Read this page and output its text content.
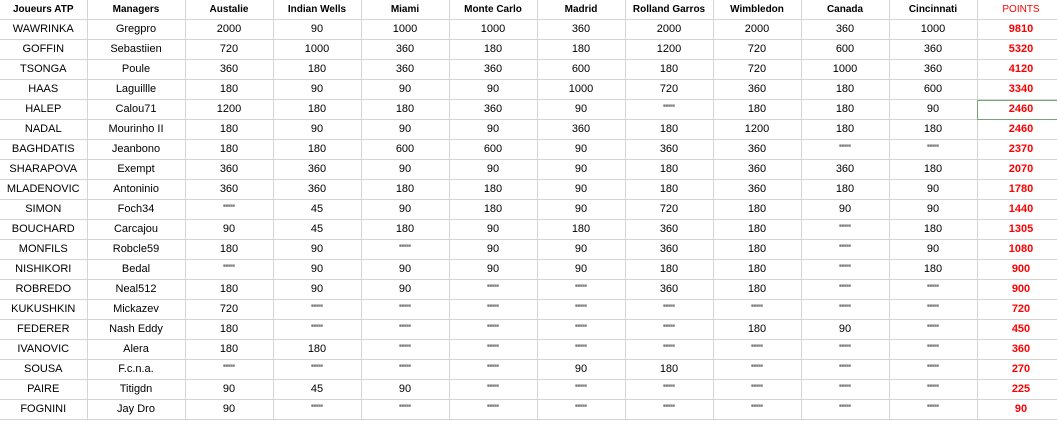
Joueurs ATP	Managers	Austalie	Indian Wells	Miami	Monte Carlo	Madrid	Rolland Garros	Wimbledon	Canada	Cincinnati	POINTS
WAWRINKA	Gregpro	2000	90	1000	1000	360	2000	2000	360	1000	9810
GOFFIN	Sebastiien	720	1000	360	180	180	1200	720	600	360	5320
TSONGA	Poule	360	180	360	360	600	180	720	1000	360	4120
HAAS	Laguillle	180	90	90	90	1000	720	360	180	600	3340
HALEP	Calou71	1200	180	180	360	90	"""	180	180	90	2460
NADAL	Mourinho II	180	90	90	90	360	180	1200	180	180	2460
BAGHDATIS	Jeanbono	180	180	600	600	90	360	360	"""	"""	2370
SHARAPOVA	Exempt	360	360	90	90	90	180	360	360	180	2070
MLADENOVIC	Antoninio	360	360	180	180	90	180	360	180	90	1780
SIMON	Foch34	"""	45	90	180	90	720	180	90	90	1440
BOUCHARD	Carcajou	90	45	180	90	180	360	180	"""	180	1305
MONFILS	Robcle59	180	90	"""	90	90	360	180	"""	90	1080
NISHIKORI	Bedal	"""	90	90	90	90	180	180	"""	180	900
ROBREDO	Neal512	180	90	90	"""	"""	360	180	"""	"""	900
KUKUSHKIN	Mickazev	720	"""	"""	"""	"""	"""	"""	"""	"""	720
FEDERER	Nash Eddy	180	"""	"""	"""	"""	"""	180	90	"""	450
IVANOVIC	Alera	180	180	"""	"""	"""	"""	"""	"""	"""	360
SOUSA	F.c.n.a.	"""	"""	"""	"""	90	180	"""	"""	"""	270
PAIRE	Titigdn	90	45	90	"""	"""	"""	"""	"""	"""	225
FOGNINI	Jay Dro	90	"""	"""	"""	"""	"""	"""	"""	"""	90
